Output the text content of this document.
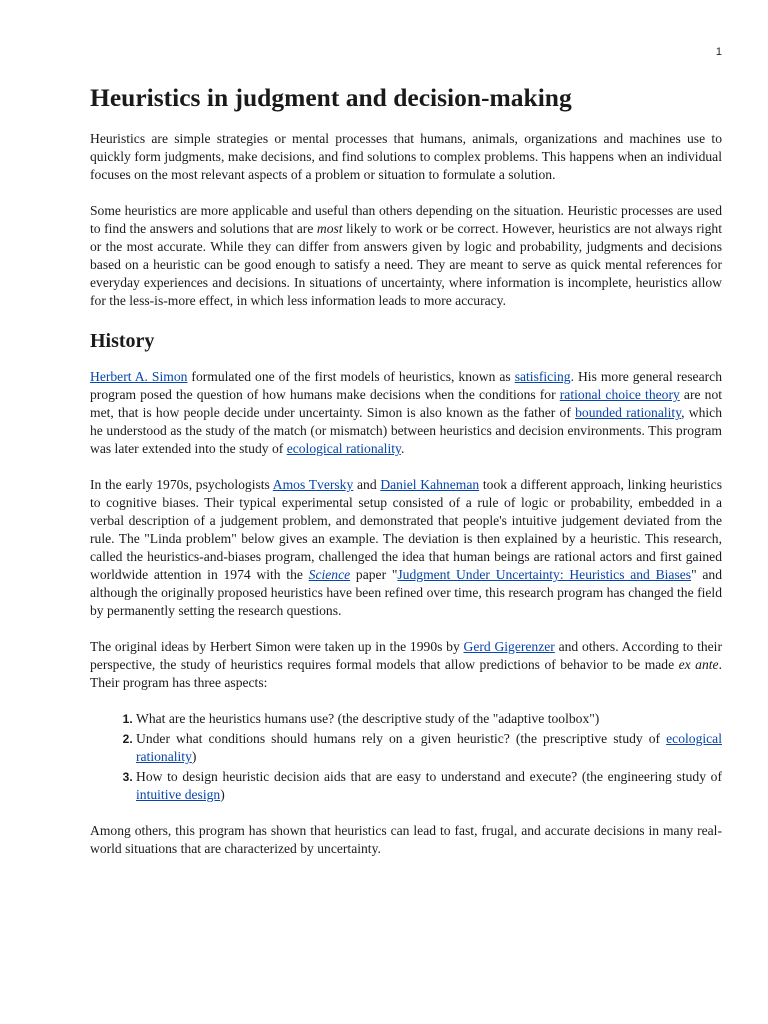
1
Heuristics in judgment and decision-making

Heuristics are simple strategies or mental processes that humans, animals, organizations and machines use to quickly form judgments, make decisions, and find solutions to complex problems. This happens when an individual focuses on the most relevant aspects of a problem or situation to formulate a solution.

Some heuristics are more applicable and useful than others depending on the situation. Heuristic processes are used to find the answers and solutions that are most likely to work or be correct. However, heuristics are not always right or the most accurate. While they can differ from answers given by logic and probability, judgments and decisions based on a heuristic can be good enough to satisfy a need. They are meant to serve as quick mental references for everyday experiences and decisions. In situations of uncertainty, where information is incomplete, heuristics allow for the less-is-more effect, in which less information leads to more accuracy.

History

Herbert A. Simon formulated one of the first models of heuristics, known as satisficing. His more general research program posed the question of how humans make decisions when the conditions for rational choice theory are not met, that is how people decide under uncertainty. Simon is also known as the father of bounded rationality, which he understood as the study of the match (or mismatch) between heuristics and decision environments. This program was later extended into the study of ecological rationality.

In the early 1970s, psychologists Amos Tversky and Daniel Kahneman took a different approach, linking heuristics to cognitive biases. Their typical experimental setup consisted of a rule of logic or probability, embedded in a verbal description of a judgement problem, and demonstrated that people's intuitive judgement deviated from the rule. The "Linda problem" below gives an example. The deviation is then explained by a heuristic. This research, called the heuristics-and-biases program, challenged the idea that human beings are rational actors and first gained worldwide attention in 1974 with the Science paper "Judgment Under Uncertainty: Heuristics and Biases" and although the originally proposed heuristics have been refined over time, this research program has changed the field by permanently setting the research questions.

The original ideas by Herbert Simon were taken up in the 1990s by Gerd Gigerenzer and others. According to their perspective, the study of heuristics requires formal models that allow predictions of behavior to be made ex ante. Their program has three aspects:

1. What are the heuristics humans use? (the descriptive study of the "adaptive toolbox")
2. Under what conditions should humans rely on a given heuristic? (the prescriptive study of ecological rationality)
3. How to design heuristic decision aids that are easy to understand and execute? (the engineering study of intuitive design)

Among others, this program has shown that heuristics can lead to fast, frugal, and accurate decisions in many real-world situations that are characterized by uncertainty.
